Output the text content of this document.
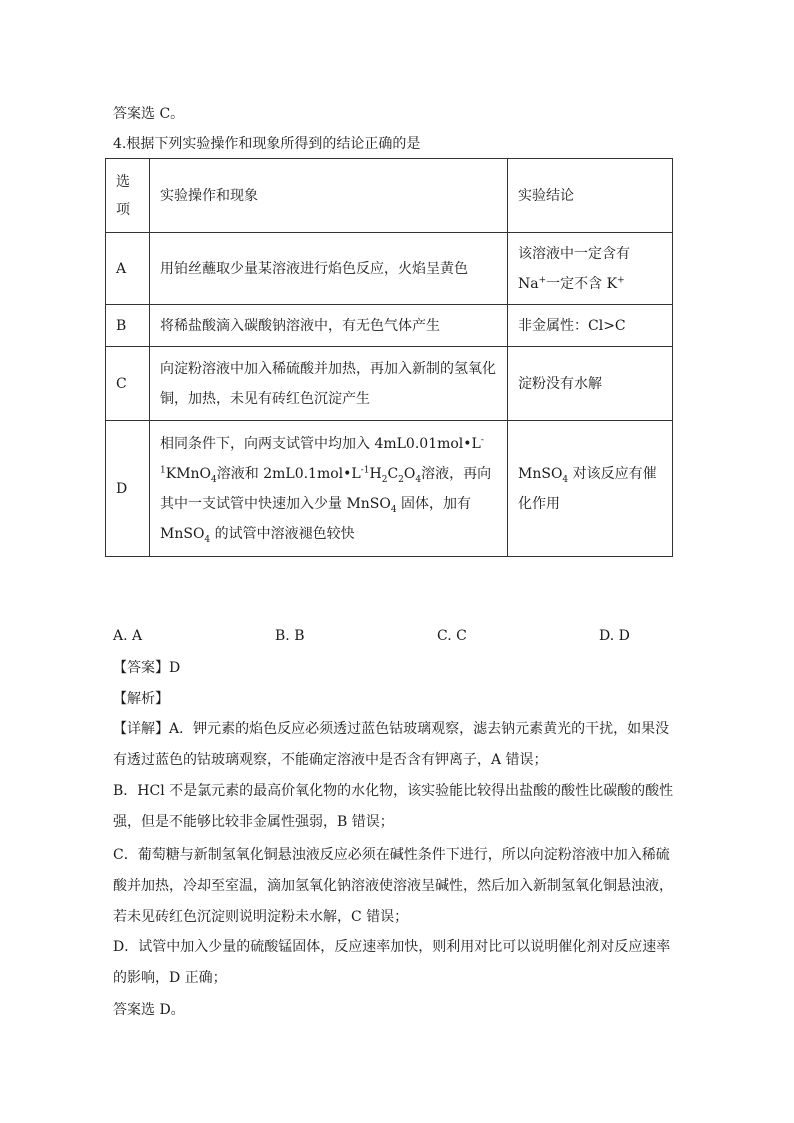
答案选 C。
4.根据下列实验操作和现象所得到的结论正确的是
选项	实验操作和现象	实验结论
A	用铂丝蘸取少量某溶液进行焰色反应，火焰呈黄色	该溶液中一定含有 Na+一定不含 K+
B	将稀盐酸滴入碳酸钠溶液中，有无色气体产生	非金属性：Cl>C
C	向淀粉溶液中加入稀硫酸并加热，再加入新制的氢氧化铜，加热，未见有砖红色沉淀产生	淀粉没有水解
D	相同条件下，向两支试管中均加入 $4mL0.01mol•L^{-1}KMnO_4$溶液和 $2mL0.1mol•L^{-1}H_2C_2O_4$溶液，再向其中一支试管中快速加入少量 MnSO$_4$ 固体，加有 MnSO$_4$ 的试管中溶液褪色较快	MnSO$_4$ 对该反应有催化作用
A. A	B. B	C. C	D. D
【答案】D
【解析】
【详解】A．钾元素的焰色反应必须透过蓝色钴玻璃观察，滤去钠元素黄光的干扰，如果没有透过蓝色的钴玻璃观察，不能确定溶液中是否含有钾离子，A 错误；
B．HCl 不是氯元素的最高价氧化物的水化物，该实验能比较得出盐酸的酸性比碳酸的酸性强，但是不能够比较非金属性强弱，B 错误；
C．葡萄糖与新制氢氧化铜悬浊液反应必须在碱性条件下进行，所以向淀粉溶液中加入稀硫酸并加热，冷却至室温，滴加氢氧化钠溶液使溶液呈碱性，然后加入新制氢氧化铜悬浊液，若未见砖红色沉淀则说明淀粉未水解，C 错误；
D．试管中加入少量的硫酸锰固体，反应速率加快，则利用对比可以说明催化剂对反应速率的影响，D 正确；
答案选 D。
